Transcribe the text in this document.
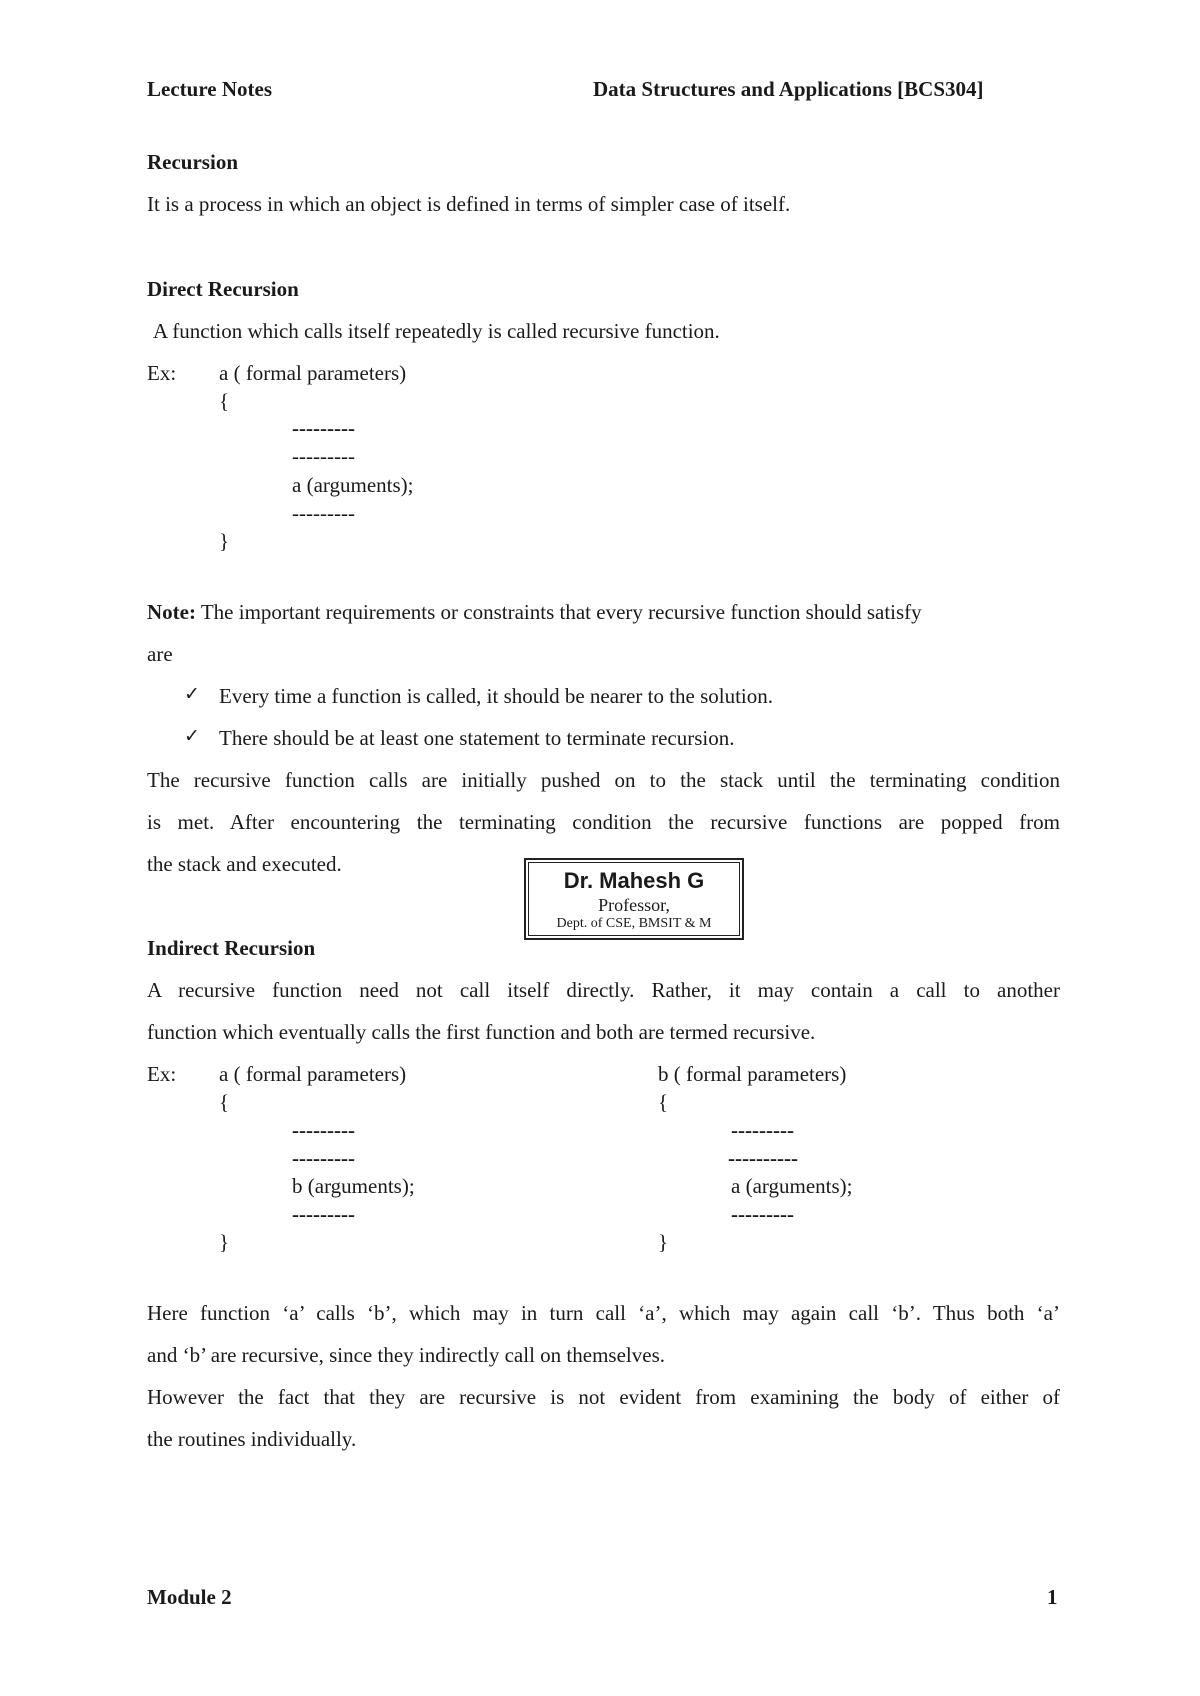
Lecture Notes	Data Structures and Applications [BCS304]
Recursion
It is a process in which an object is defined in terms of simpler case of itself.
Direct Recursion
A function which calls itself repeatedly is called recursive function.
Ex: a ( formal parameters)
{
---------
---------
a (arguments);
---------
}
Note: The important requirements or constraints that every recursive function should satisfy
are
✓ Every time a function is called, it should be nearer to the solution.
✓ There should be at least one statement to terminate recursion.
The recursive function calls are initially pushed on to the stack until the terminating condition
is met. After encountering the terminating condition the recursive functions are popped from
the stack and executed.
Dr. Mahesh G
Professor,
Dept. of CSE, BMSIT & M
Indirect Recursion
A recursive function need not call itself directly. Rather, it may contain a call to another
function which eventually calls the first function and both are termed recursive.
Ex: a ( formal parameters)
{
---------
---------
b (arguments);
---------
}
b ( formal parameters)
{
---------
----------
a (arguments);
---------
}
Here function ‘a’ calls ‘b’, which may in turn call ‘a’, which may again call ‘b’. Thus both ‘a’
and ‘b’ are recursive, since they indirectly call on themselves.
However the fact that they are recursive is not evident from examining the body of either of
the routines individually.
Module 2	1
